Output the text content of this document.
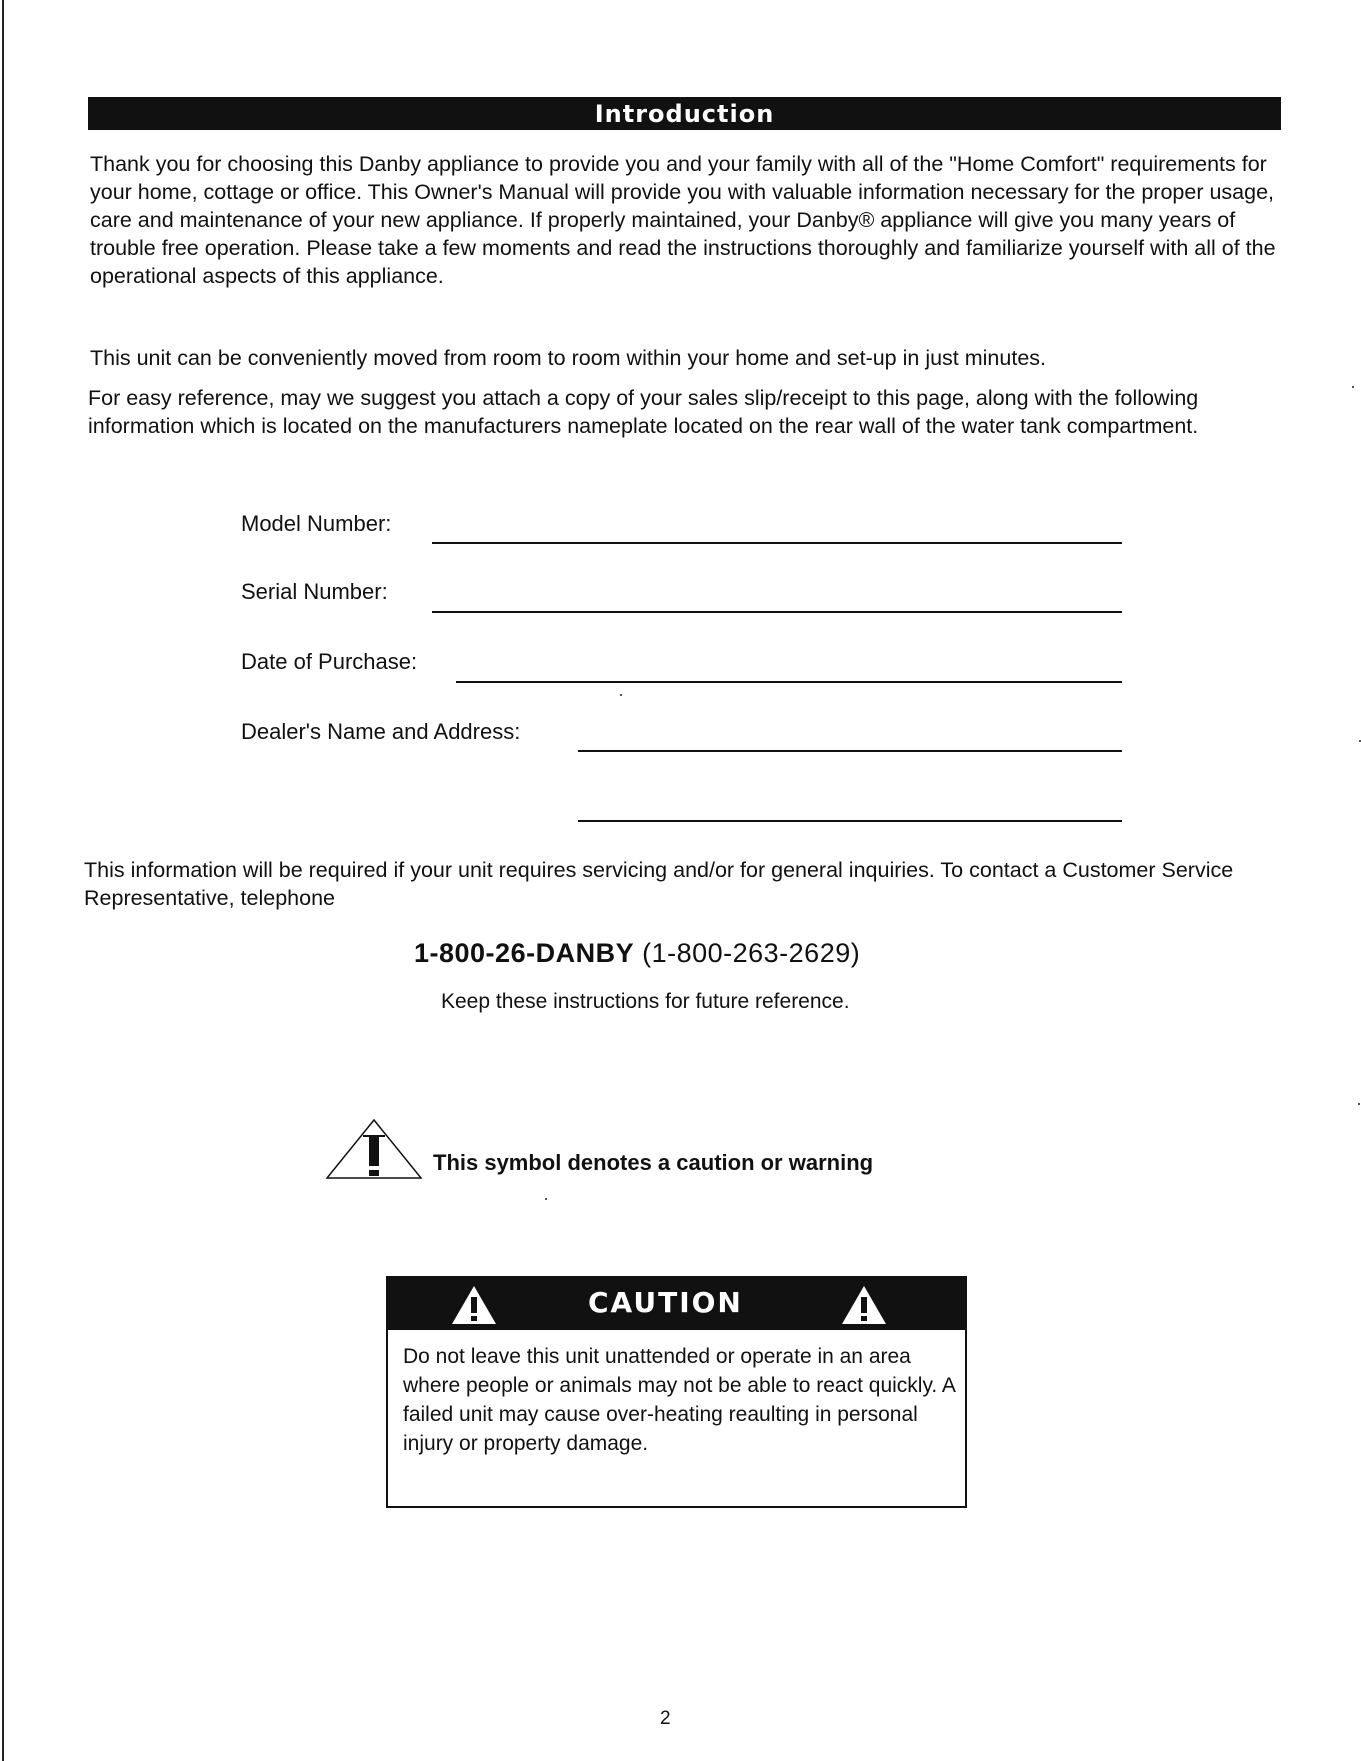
Introduction

Thank you for choosing this Danby appliance to provide you and your family with all of the "Home Comfort" requirements for your home, cottage or office. This Owner's Manual will provide you with valuable information necessary for the proper usage, care and maintenance of your new appliance. If properly maintained, your Danby® appliance will give you many years of trouble free operation. Please take a few moments and read the instructions thoroughly and familiarize yourself with all of the operational aspects of this appliance.

This unit can be conveniently moved from room to room within your home and set-up in just minutes.

For easy reference, may we suggest you attach a copy of your sales slip/receipt to this page, along with the following information which is located on the manufacturers nameplate located on the rear wall of the water tank compartment.

Model Number:
Serial Number:
Date of Purchase:
Dealer's Name and Address:

This information will be required if your unit requires servicing and/or for general inquiries. To contact a Customer Service Representative, telephone

1-800-26-DANBY (1-800-263-2629)
Keep these instructions for future reference.
This symbol denotes a caution or warning
CAUTION

Do not leave this unit unattended or operate in an area where people or animals may not be able to react quickly. A failed unit may cause over-heating reaulting in personal injury or property damage.

2
